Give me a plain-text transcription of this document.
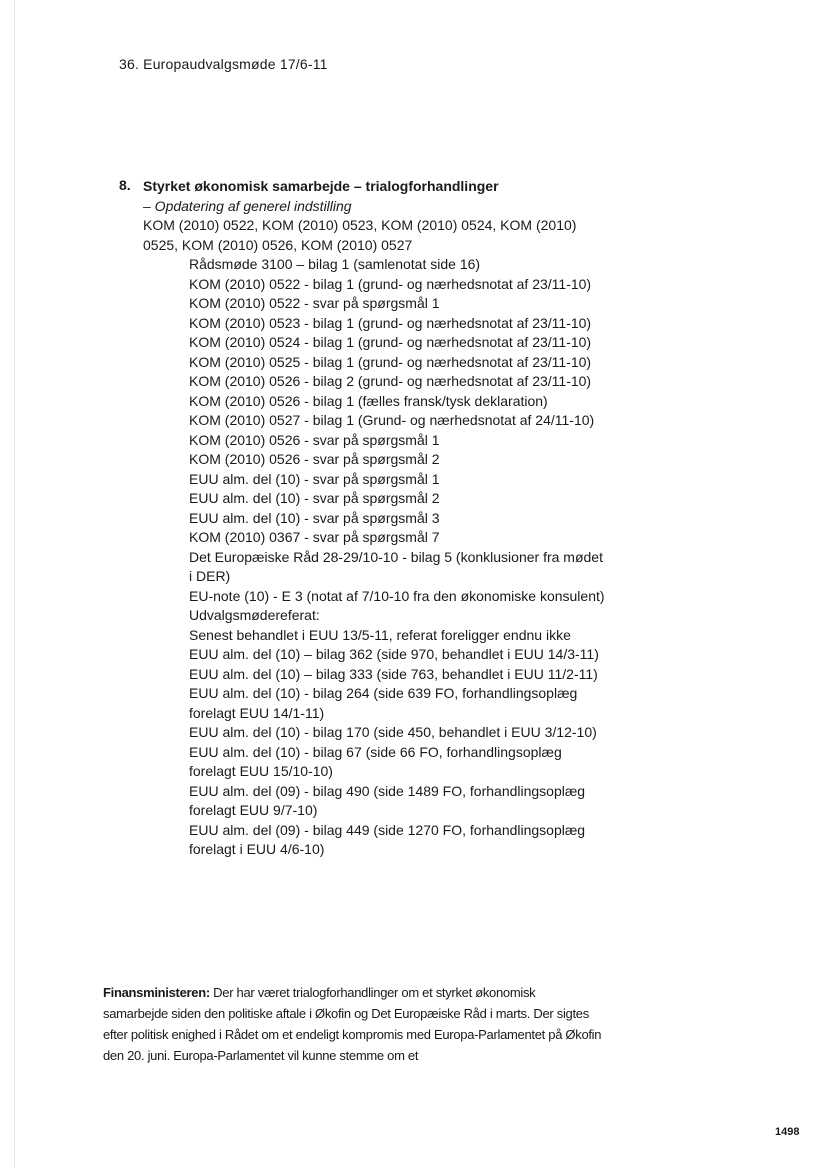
36. Europaudvalgsmøde 17/6-11
8. Styrket økonomisk samarbejde – trialogforhandlinger
– Opdatering af generel indstilling
KOM (2010) 0522, KOM (2010) 0523, KOM (2010) 0524, KOM (2010)
0525, KOM (2010) 0526, KOM (2010) 0527
Rådsmøde 3100 – bilag 1 (samlenotat side 16)
KOM (2010) 0522 - bilag 1 (grund- og nærhedsnotat af 23/11-10)
KOM (2010) 0522 - svar på spørgsmål 1
KOM (2010) 0523 - bilag 1 (grund- og nærhedsnotat af 23/11-10)
KOM (2010) 0524 - bilag 1 (grund- og nærhedsnotat af 23/11-10)
KOM (2010) 0525 - bilag 1 (grund- og nærhedsnotat af 23/11-10)
KOM (2010) 0526 - bilag 2 (grund- og nærhedsnotat af 23/11-10)
KOM (2010) 0526 - bilag 1 (fælles fransk/tysk deklaration)
KOM (2010) 0527 - bilag 1 (Grund- og nærhedsnotat af 24/11-10)
KOM (2010) 0526 - svar på spørgsmål 1
KOM (2010) 0526 - svar på spørgsmål 2
EUU alm. del (10) - svar på spørgsmål 1
EUU alm. del (10) - svar på spørgsmål 2
EUU alm. del (10) - svar på spørgsmål 3
KOM (2010) 0367 - svar på spørgsmål 7
Det Europæiske Råd 28-29/10-10 - bilag 5 (konklusioner fra mødet i DER)
EU-note (10) - E 3 (notat af 7/10-10 fra den økonomiske konsulent)
Udvalgsmødereferat:
Senest behandlet i EUU 13/5-11, referat foreligger endnu ikke
EUU alm. del (10) – bilag 362 (side 970, behandlet i EUU 14/3-11)
EUU alm. del (10) – bilag 333 (side 763, behandlet i EUU 11/2-11)
EUU alm. del (10) - bilag 264 (side 639 FO, forhandlingsoplæg forelagt EUU 14/1-11)
EUU alm. del (10) - bilag 170 (side 450, behandlet i EUU 3/12-10)
EUU alm. del (10) - bilag 67 (side 66 FO, forhandlingsoplæg forelagt EUU 15/10-10)
EUU alm. del (09) - bilag 490 (side 1489 FO, forhandlingsoplæg forelagt EUU 9/7-10)
EUU alm. del (09) - bilag 449 (side 1270 FO, forhandlingsoplæg forelagt i EUU 4/6-10)
Finansministeren: Der har været trialogforhandlinger om et styrket økonomisk samarbejde siden den politiske aftale i Økofin og Det Europæiske Råd i marts. Der sigtes efter politisk enighed i Rådet om et endeligt kompromis med Europa-Parlamentet på Økofin den 20. juni. Europa-Parlamentet vil kunne stemme om et
1498
